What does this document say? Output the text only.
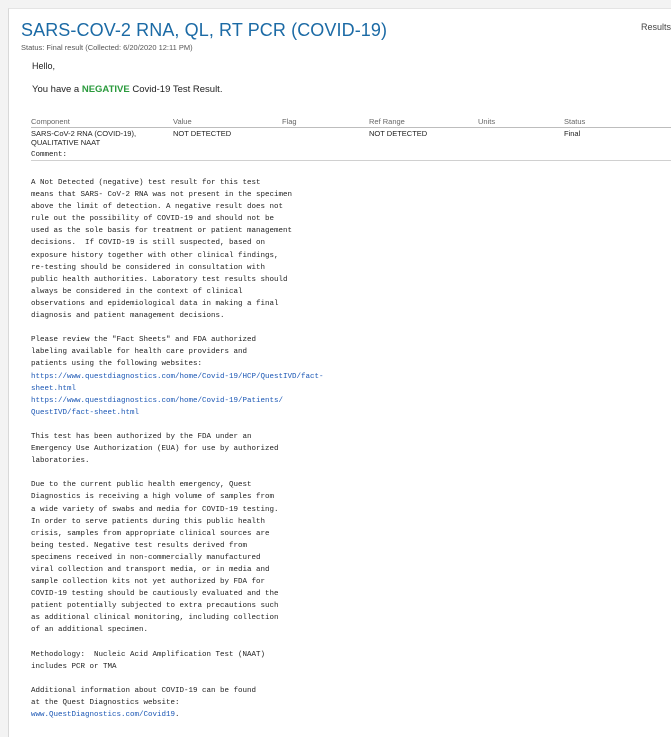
Results
SARS-COV-2 RNA, QL, RT PCR (COVID-19)
Status: Final result (Collected: 6/20/2020 12:11 PM)
Hello,
You have a NEGATIVE Covid-19 Test Result.
Component	Value	Flag	Ref Range	Units	Status
SARS-CoV-2 RNA (COVID-19),
QUALITATIVE NAAT	NOT DETECTED		NOT DETECTED		Final
Comment:

A Not Detected (negative) test result for this test
means that SARS- CoV-2 RNA was not present in the specimen
above the limit of detection. A negative result does not
rule out the possibility of COVID-19 and should not be
used as the sole basis for treatment or patient management
decisions.  If COVID-19 is still suspected, based on
exposure history together with other clinical findings,
re-testing should be considered in consultation with
public health authorities. Laboratory test results should
always be considered in the context of clinical
observations and epidemiological data in making a final
diagnosis and patient management decisions.

Please review the "Fact Sheets" and FDA authorized
labeling available for health care providers and
patients using the following websites:
https://www.questdiagnostics.com/home/Covid-19/HCP/QuestIVD/fact-
sheet.html
https://www.questdiagnostics.com/home/Covid-19/Patients/
QuestIVD/fact-sheet.html

This test has been authorized by the FDA under an
Emergency Use Authorization (EUA) for use by authorized
laboratories.

Due to the current public health emergency, Quest
Diagnostics is receiving a high volume of samples from
a wide variety of swabs and media for COVID-19 testing.
In order to serve patients during this public health
crisis, samples from appropriate clinical sources are
being tested. Negative test results derived from
specimens received in non-commercially manufactured
viral collection and transport media, or in media and
sample collection kits not yet authorized by FDA for
COVID-19 testing should be cautiously evaluated and the
patient potentially subjected to extra precautions such
as additional clinical monitoring, including collection
of an additional specimen.

Methodology:  Nucleic Acid Amplification Test (NAAT)
includes PCR or TMA

Additional information about COVID-19 can be found
at the Quest Diagnostics website:
www.QuestDiagnostics.com/Covid19.
